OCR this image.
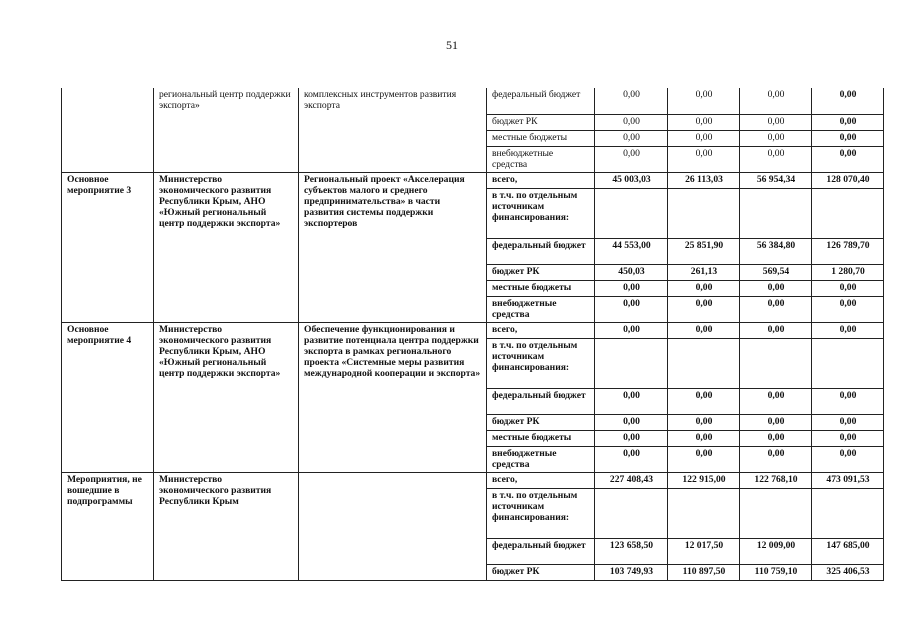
51
	региональный центр поддержки экспорта»	комплексных инструментов развития экспорта	федеральный бюджет	0,00	0,00	0,00	0,00
			бюджет РК	0,00	0,00	0,00	0,00
			местные бюджеты	0,00	0,00	0,00	0,00
			внебюджетные средства	0,00	0,00	0,00	0,00
Основное мероприятие 3	Министерство экономического развития Республики Крым, АНО «Южный региональный центр поддержки экспорта»	Региональный проект «Акселерация субъектов малого и среднего предпринимательства» в части развития системы поддержки экспортеров	всего,	45 003,03	26 113,03	56 954,34	128 070,40
			в т.ч. по отдельным источникам финансирования:				
			федеральный бюджет	44 553,00	25 851,90	56 384,80	126 789,70
			бюджет РК	450,03	261,13	569,54	1 280,70
			местные бюджеты	0,00	0,00	0,00	0,00
			внебюджетные средства	0,00	0,00	0,00	0,00
Основное мероприятие 4	Министерство экономического развития Республики Крым, АНО «Южный региональный центр поддержки экспорта»	Обеспечение функционирования и развитие потенциала центра поддержки экспорта в рамках регионального проекта «Системные меры развития международной кооперации и экспорта»	всего,	0,00	0,00	0,00	0,00
			в т.ч. по отдельным источникам финансирования:				
			федеральный бюджет	0,00	0,00	0,00	0,00
			бюджет РК	0,00	0,00	0,00	0,00
			местные бюджеты	0,00	0,00	0,00	0,00
			внебюджетные средства	0,00	0,00	0,00	0,00
Мероприятия, не вошедшие в подпрограммы	Министерство экономического развития Республики Крым		всего,	227 408,43	122 915,00	122 768,10	473 091,53
			в т.ч. по отдельным источникам финансирования:				
			федеральный бюджет	123 658,50	12 017,50	12 009,00	147 685,00
			бюджет РК	103 749,93	110 897,50	110 759,10	325 406,53
